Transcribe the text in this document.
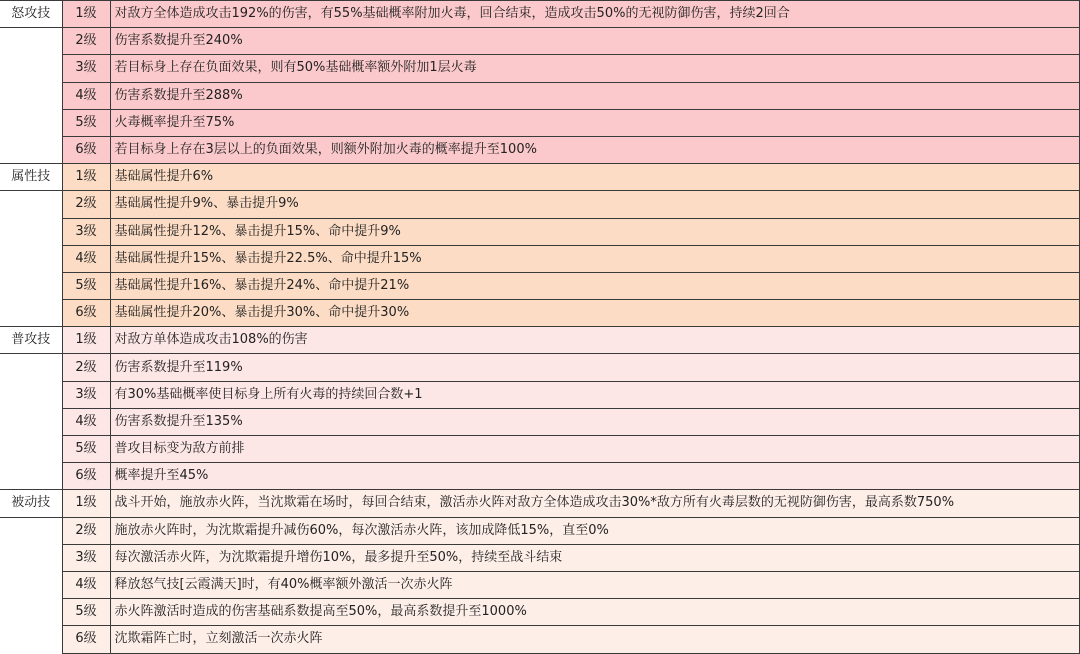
怒攻技	1级	对敌方全体造成攻击192%的伤害，有55%基础概率附加火毒，回合结束，造成攻击50%的无视防御伤害，持续2回合
	2级	伤害系数提升至240%
	3级	若目标身上存在负面效果，则有50%基础概率额外附加1层火毒
	4级	伤害系数提升至288%
	5级	火毒概率提升至75%
	6级	若目标身上存在3层以上的负面效果，则额外附加火毒的概率提升至100%
属性技	1级	基础属性提升6%
	2级	基础属性提升9%、暴击提升9%
	3级	基础属性提升12%、暴击提升15%、命中提升9%
	4级	基础属性提升15%、暴击提升22.5%、命中提升15%
	5级	基础属性提升16%、暴击提升24%、命中提升21%
	6级	基础属性提升20%、暴击提升30%、命中提升30%
普攻技	1级	对敌方单体造成攻击108%的伤害
	2级	伤害系数提升至119%
	3级	有30%基础概率使目标身上所有火毒的持续回合数+1
	4级	伤害系数提升至135%
	5级	普攻目标变为敌方前排
	6级	概率提升至45%
被动技	1级	战斗开始，施放赤火阵，当沈欺霜在场时，每回合结束，激活赤火阵对敌方全体造成攻击30%*敌方所有火毒层数的无视防御伤害，最高系数750%
	2级	施放赤火阵时，为沈欺霜提升减伤60%，每次激活赤火阵，该加成降低15%，直至0%
	3级	每次激活赤火阵，为沈欺霜提升增伤10%，最多提升至50%，持续至战斗结束
	4级	释放怒气技[云霞满天]时，有40%概率额外激活一次赤火阵
	5级	赤火阵激活时造成的伤害基础系数提高至50%，最高系数提升至1000%
	6级	沈欺霜阵亡时，立刻激活一次赤火阵
